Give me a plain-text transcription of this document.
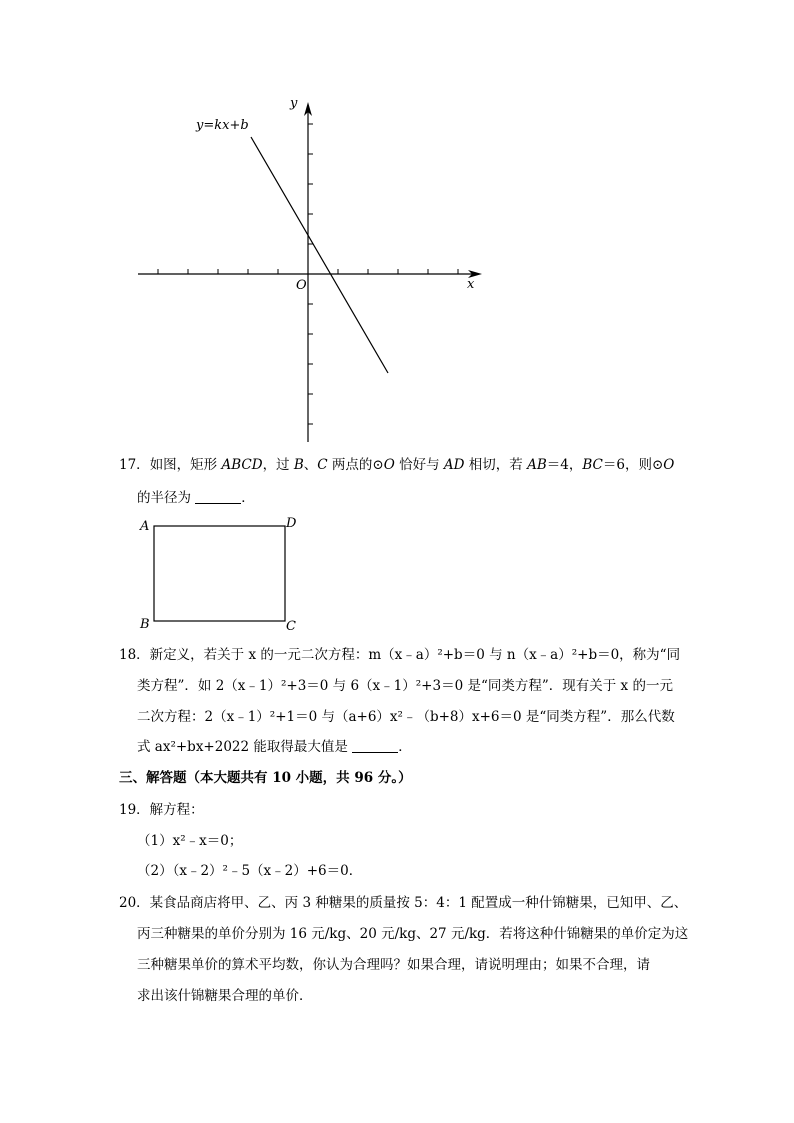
y=kx+b
y
x
O
17．如图，矩形 ABCD，过 B、C 两点的⊙O 恰好与 AD 相切，若 AB＝4，BC＝6，则⊙O
的半径为	．
A	D
B	C
18．新定义，若关于 x 的一元二次方程：m（x﹣a）²+b＝0 与 n（x﹣a）²+b＝0，称为“同
类方程”．如 2（x﹣1）²+3＝0 与 6（x﹣1）²+3＝0 是“同类方程”．现有关于 x 的一元
二次方程：2（x﹣1）²+1＝0 与（a+6）x²﹣（b+8）x+6＝0 是“同类方程”．那么代数
式 ax²+bx+2022 能取得最大值是	．
三、解答题（本大题共有 10 小题，共 96 分。）
19．解方程：
（1）x²﹣x＝0；
（2）（x﹣2）²﹣5（x﹣2）+6＝0．
20．某食品商店将甲、乙、丙 3 种糖果的质量按 5：4：1 配置成一种什锦糖果，已知甲、乙、
丙三种糖果的单价分别为 16 元/kg、20 元/kg、27 元/kg．若将这种什锦糖果的单价定为这
三种糖果单价的算术平均数，你认为合理吗？如果合理，请说明理由；如果不合理，请
求出该什锦糖果合理的单价．
